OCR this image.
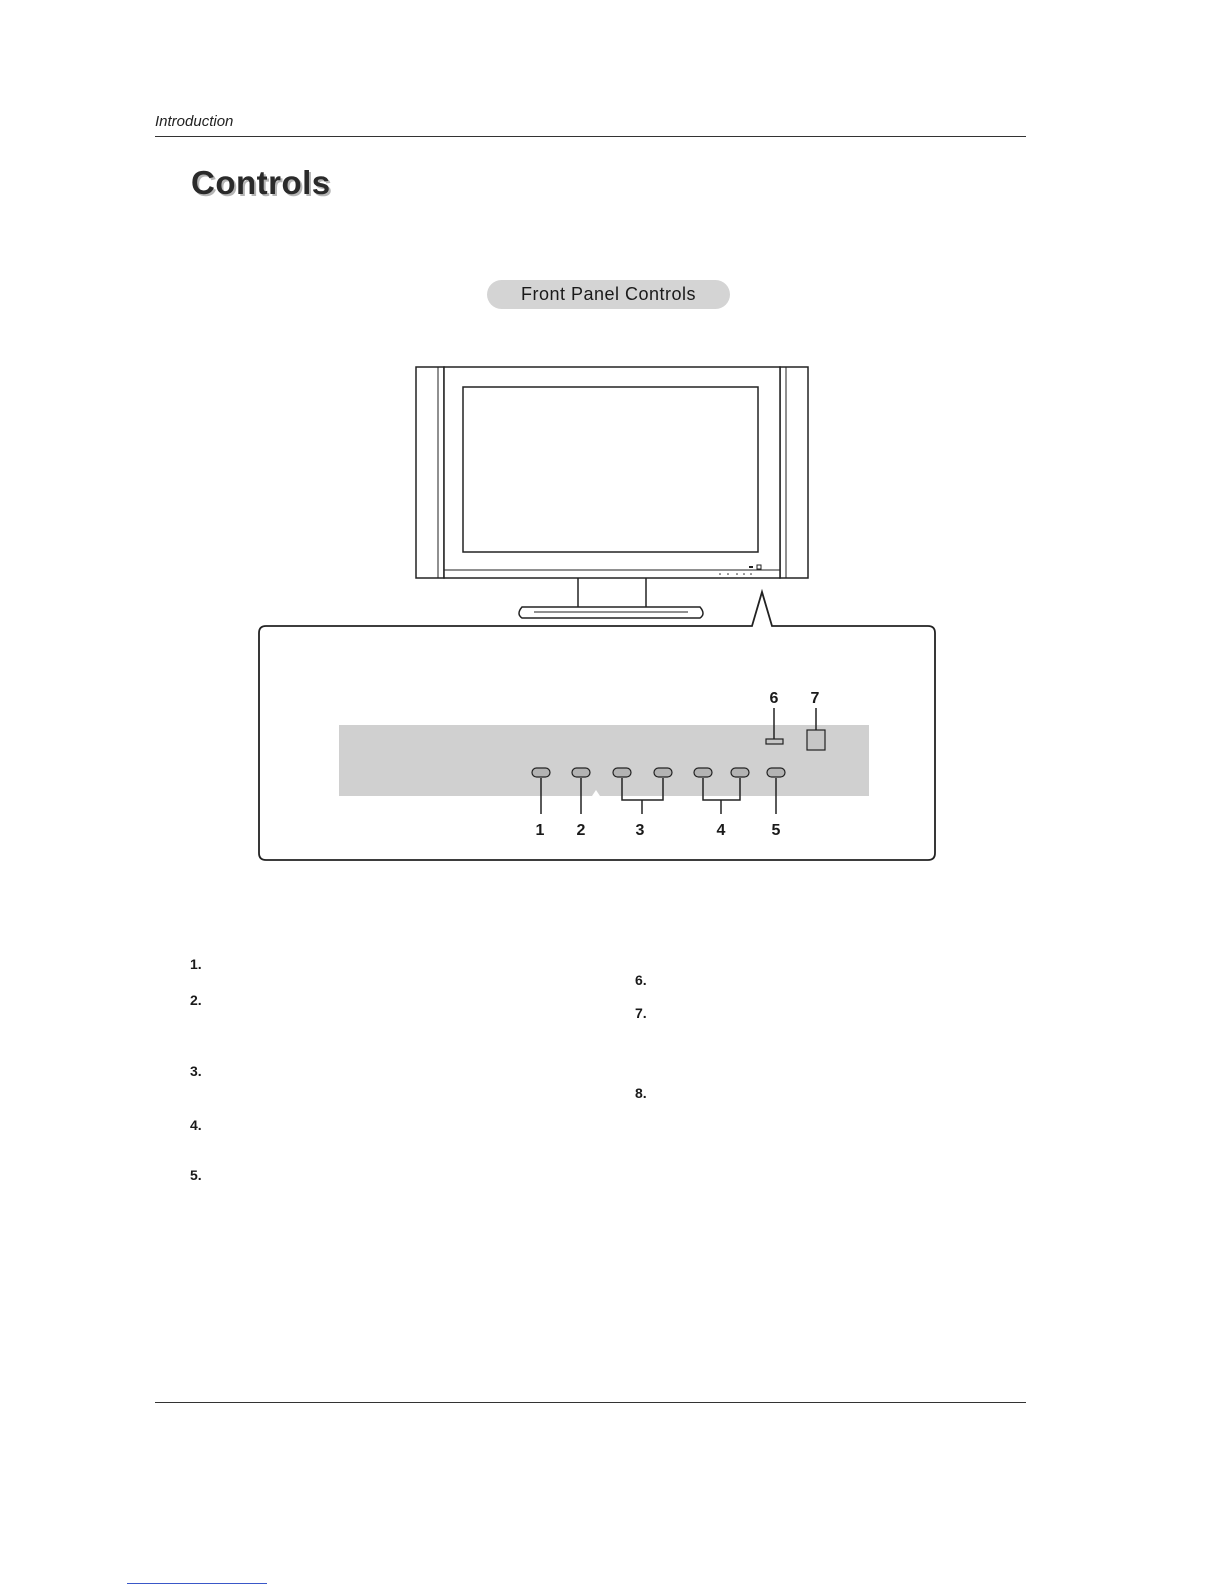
Introduction
Controls
Front Panel Controls
1 2	3	4	5
6 7
1.
2.
3.
4.
5.
6.
7.
8.
